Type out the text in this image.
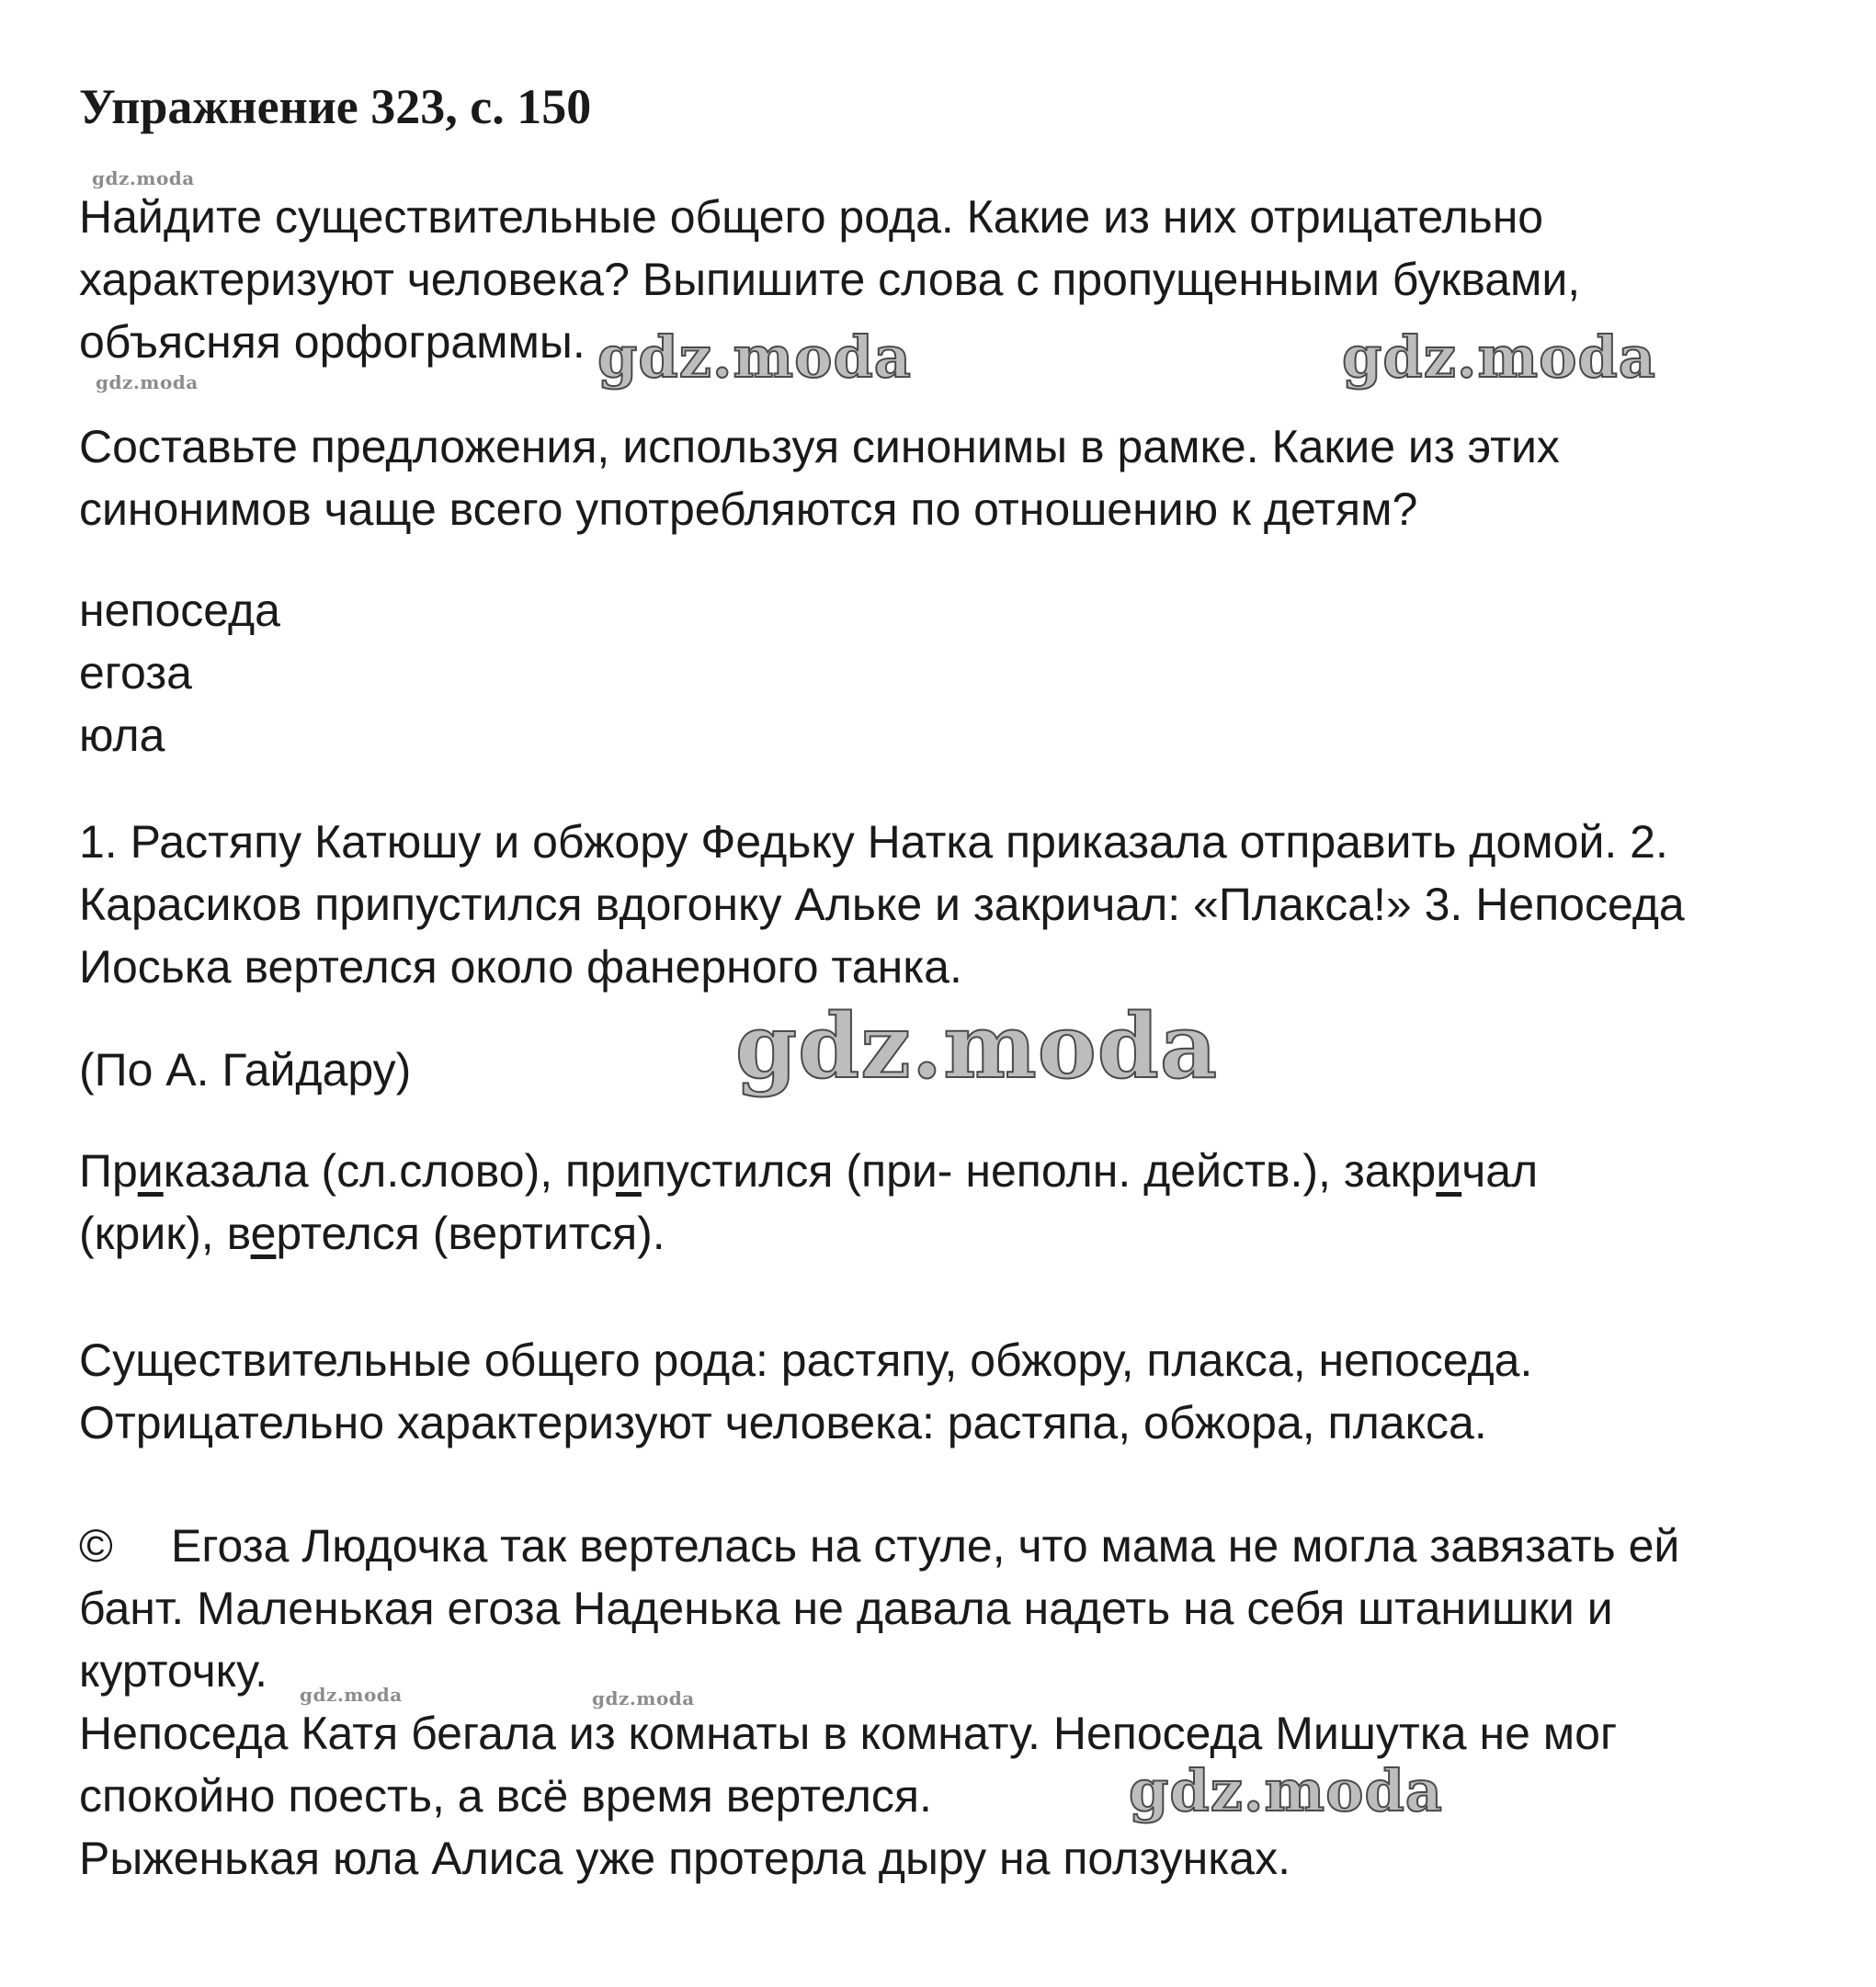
Упражнение 323, с. 150

Найдите существительные общего рода. Какие из них отрицательно
характеризуют человека? Выпишите слова с пропущенными буквами,
объясняя орфограммы.

Составьте предложения, используя синонимы в рамке. Какие из этих
синонимов чаще всего употребляются по отношению к детям?

непоседа
егоза
юла

1. Растяпу Катюшу и обжору Федьку Натка приказала отправить домой. 2.
Карасиков припустился вдогонку Альке и закричал: «Плакса!» 3. Непоседа
Иоська вертелся около фанерного танка.

(По А. Гайдару)

Приказала (сл.слово), припустился (при- неполн. действ.), закричал
(крик), вертелся (вертится).

Существительные общего рода: растяпу, обжору, плакса, непоседа.
Отрицательно характеризуют человека: растяпа, обжора, плакса.

© Егоза Людочка так вертелась на стуле, что мама не могла завязать ей
бант. Маленькая егоза Наденька не давала надеть на себя штанишки и
курточку.
Непоседа Катя бегала из комнаты в комнату. Непоседа Мишутка не мог
спокойно поесть, а всё время вертелся.
Рыженькая юла Алиса уже протерла дыру на ползунках.

gdz.moda
gdz.moda	gdz.moda	gdz.moda
gdz.moda
gdz.moda	gdz.moda
gdz.moda
